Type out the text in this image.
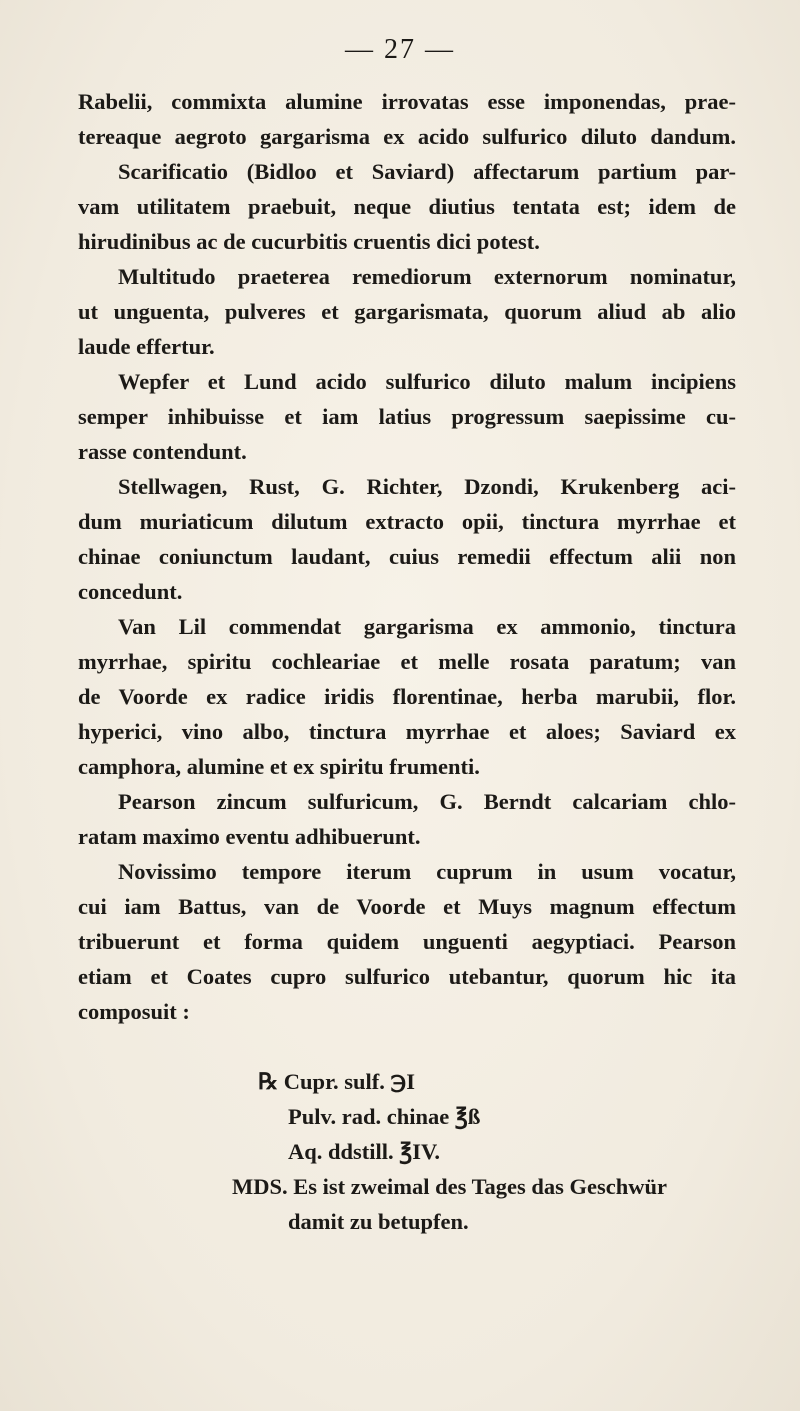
— 27 —
Rabelii, commixta alumine irrovatas esse imponendas, prae-
tereaque aegroto gargarisma ex acido sulfurico diluto dandum.
Scarificatio (Bidloo et Saviard) affectarum partium par-
vam utilitatem praebuit, neque diutius tentata est; idem de
hirudinibus ac de cucurbitis cruentis dici potest.
Multitudo praeterea remediorum externorum nominatur,
ut unguenta, pulveres et gargarismata, quorum aliud ab alio
laude effertur.
Wepfer et Lund acido sulfurico diluto malum incipiens
semper inhibuisse et iam latius progressum saepissime cu-
rasse contendunt.
Stellwagen, Rust, G. Richter, Dzondi, Krukenberg aci-
dum muriaticum dilutum extracto opii, tinctura myrrhae et
chinae coniunctum laudant, cuius remedii effectum alii non
concedunt.
Van Lil commendat gargarisma ex ammonio, tinctura
myrrhae, spiritu cochleariae et melle rosata paratum; van
de Voorde ex radice iridis florentinae, herba marubii, flor.
hyperici, vino albo, tinctura myrrhae et aloes; Saviard ex
camphora, alumine et ex spiritu frumenti.
Pearson zincum sulfuricum, G. Berndt calcariam chlo-
ratam maximo eventu adhibuerunt.
Novissimo tempore iterum cuprum in usum vocatur,
cui iam Battus, van de Voorde et Muys magnum effectum
tribuerunt et forma quidem unguenti aegyptiaci. Pearson
etiam et Coates cupro sulfurico utebantur, quorum hic ita
composuit :
℞ Cupr. sulf. ℈I
Pulv. rad. chinae ℥ß
Aq. ddstill. ℥IV.
MDS. Es ist zweimal des Tages das Geschwür
damit zu betupfen.
